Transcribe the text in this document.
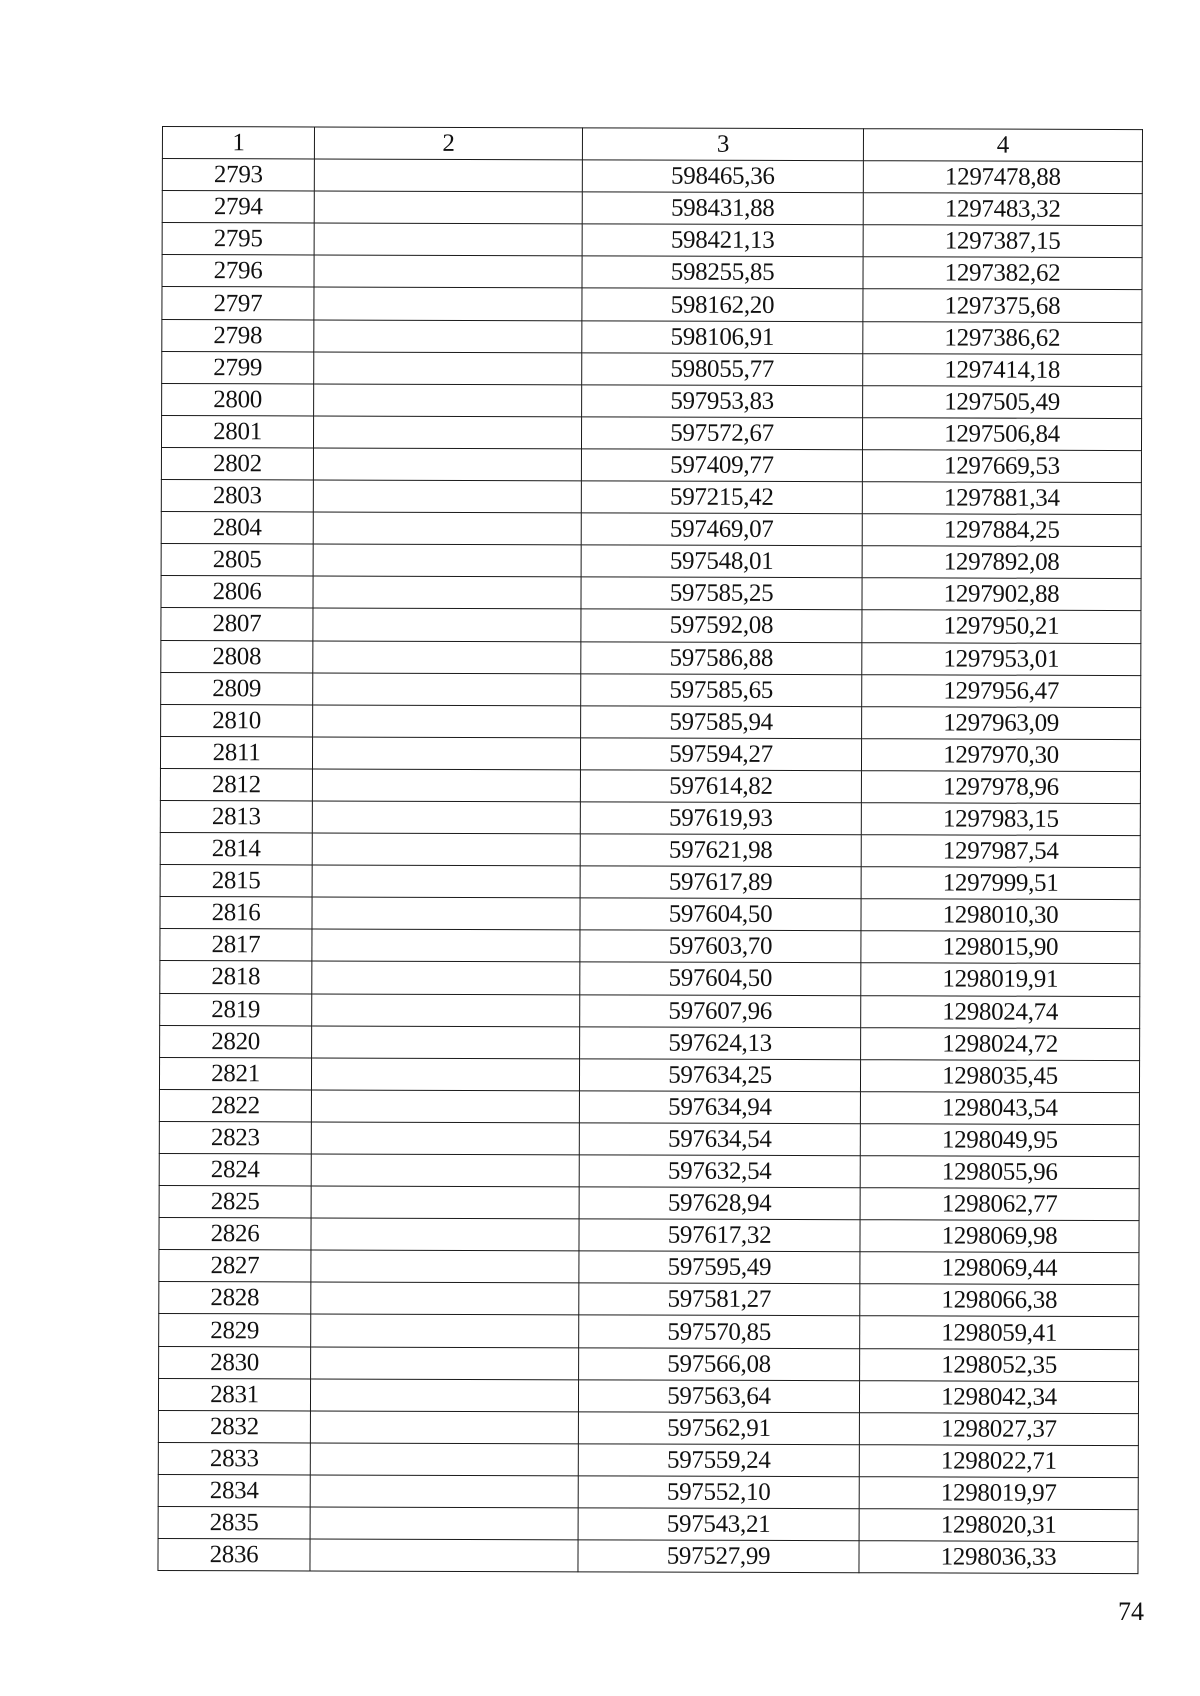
1	2	3	4
2793		598465,36	1297478,88
2794		598431,88	1297483,32
2795		598421,13	1297387,15
2796		598255,85	1297382,62
2797		598162,20	1297375,68
2798		598106,91	1297386,62
2799		598055,77	1297414,18
2800		597953,83	1297505,49
2801		597572,67	1297506,84
2802		597409,77	1297669,53
2803		597215,42	1297881,34
2804		597469,07	1297884,25
2805		597548,01	1297892,08
2806		597585,25	1297902,88
2807		597592,08	1297950,21
2808		597586,88	1297953,01
2809		597585,65	1297956,47
2810		597585,94	1297963,09
2811		597594,27	1297970,30
2812		597614,82	1297978,96
2813		597619,93	1297983,15
2814		597621,98	1297987,54
2815		597617,89	1297999,51
2816		597604,50	1298010,30
2817		597603,70	1298015,90
2818		597604,50	1298019,91
2819		597607,96	1298024,74
2820		597624,13	1298024,72
2821		597634,25	1298035,45
2822		597634,94	1298043,54
2823		597634,54	1298049,95
2824		597632,54	1298055,96
2825		597628,94	1298062,77
2826		597617,32	1298069,98
2827		597595,49	1298069,44
2828		597581,27	1298066,38
2829		597570,85	1298059,41
2830		597566,08	1298052,35
2831		597563,64	1298042,34
2832		597562,91	1298027,37
2833		597559,24	1298022,71
2834		597552,10	1298019,97
2835		597543,21	1298020,31
2836		597527,99	1298036,33
74
